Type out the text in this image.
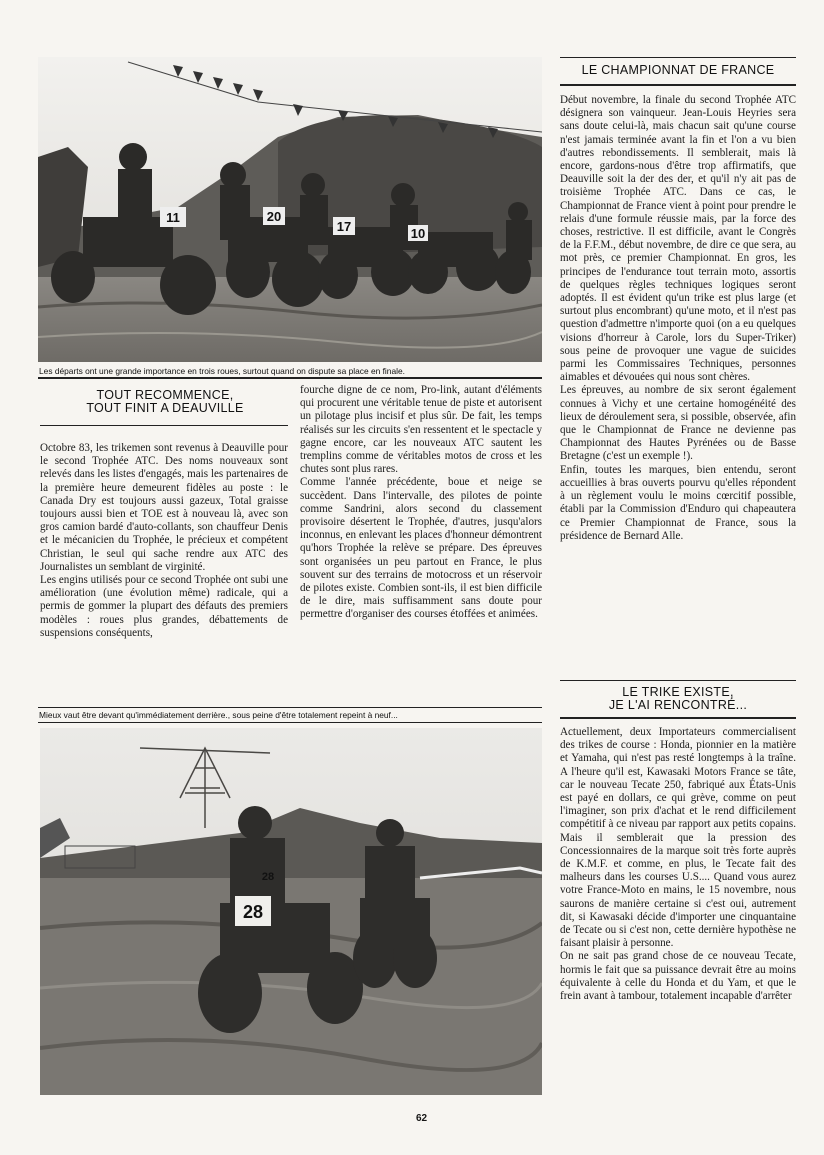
11	20
17	10
Les départs ont une grande importance en trois roues, surtout quand on dispute sa place en finale.
TOUT RECOMMENCE,
TOUT FINIT A DEAUVILLE

Octobre 83, les trikemen sont revenus à Deauville pour le second Trophée ATC. Des noms nouveaux sont relevés dans les listes d'engagés, mais les partenaires de la première heure demeurent fidèles au poste : le Canada Dry est toujours aussi gazeux, Total graisse toujours aussi bien et TOE est à nouveau là, avec son gros camion bardé d'auto-collants, son chauffeur Denis et le mécanicien du Trophée, le précieux et compétent Christian, le seul qui sache rendre aux ATC des Journalistes un semblant de virginité.

Les engins utilisés pour ce second Trophée ont subi une amélioration (une évolution même) radicale, qui a permis de gommer la plupart des défauts des premiers modèles : roues plus grandes, débattements de suspensions conséquents,

fourche digne de ce nom, Pro-link, autant d'éléments qui procurent une véritable tenue de piste et autorisent un pilotage plus incisif et plus sûr. De fait, les temps réalisés sur les circuits s'en ressentent et le spectacle y gagne encore, car les nouveaux ATC sautent les tremplins comme de véritables motos de cross et les chutes sont plus rares.

Comme l'année précédente, boue et neige se succèdent. Dans l'intervalle, des pilotes de pointe comme Sandrini, alors second du classement provisoire désertent le Trophée, d'autres, jusqu'alors inconnus, en enlevant les places d'honneur démontrent qu'hors Trophée la relève se prépare. Des épreuves sont organisées un peu partout en France, le plus souvent sur des terrains de motocross et un réservoir de pilotes existe. Combien sont-ils, il est bien difficile de le dire, mais suffisamment sans doute pour permettre d'organiser des courses étoffées et animées.

Mieux vaut être devant qu'immédiatement derrière., sous peine d'être totalement repeint à neuf...
28
28
LE CHAMPIONNAT DE FRANCE

Début novembre, la finale du second Trophée ATC désignera son vainqueur. Jean-Louis Heyries sera sans doute celui-là, mais chacun sait qu'une course n'est jamais terminée avant la fin et l'on a vu bien d'autres rebondissements. Il semblerait, mais là encore, gardons-nous d'être trop affirmatifs, que Deauville soit la der des der, et qu'il n'y ait pas de troisième Trophée ATC. Dans ce cas, le Championnat de France vient à point pour prendre le relais d'une formule réussie mais, par la force des choses, restrictive. Il est difficile, avant le Congrès de la F.F.M., début novembre, de dire ce que sera, au mot près, ce premier Championnat. En gros, les principes de l'endurance tout terrain moto, assortis de quelques règles techniques logiques seront adoptés. Il est évident qu'un trike est plus large (et surtout plus encombrant) qu'une moto, et il n'est pas question d'admettre n'importe quoi (on a eu quelques visions d'horreur à Carole, lors du Super-Triker) sous peine de provoquer une vague de suicides parmi les Commissaires Techniques, personnes aimables et dévouées qui nous sont chères.

Les épreuves, au nombre de six seront également connues à Vichy et une certaine homogénéité des lieux de déroulement sera, si possible, observée, afin que le Championnat de France ne devienne pas Championnat des Hautes Pyrénées ou de Basse Bretagne (c'est un exemple !).

Enfin, toutes les marques, bien entendu, seront accueillies à bras ouverts pourvu qu'elles répondent à un règlement voulu le moins cœrcitif possible, établi par la Commission d'Enduro qui chapeautera ce Premier Championnat de France, sous la présidence de Bernard Alle.

LE TRIKE EXISTE,
JE L'AI RENCONTRÉ...

Actuellement, deux Importateurs commercialisent des trikes de course : Honda, pionnier en la matière et Yamaha, qui n'est pas resté longtemps à la traîne. A l'heure qu'il est, Kawasaki Motors France se tâte, car le nouveau Tecate 250, fabriqué aux États-Unis est payé en dollars, ce qui grève, comme on peut l'imaginer, son prix d'achat et le rend difficilement compétitif à ce niveau par rapport aux petits copains. Mais il semblerait que la pression des Concessionnaires de la marque soit très forte auprès de K.M.F. et comme, en plus, le Tecate fait des malheurs dans les courses U.S.... Quand vous aurez votre France-Moto en mains, le 15 novembre, nous saurons de manière certaine si c'est oui, autrement dit, si Kawasaki décide d'importer une cinquantaine de Tecate ou si c'est non, cette dernière hypothèse ne faisant plaisir à personne.

On ne sait pas grand chose de ce nouveau Tecate, hormis le fait que sa puissance devrait être au moins équivalente à celle du Honda et du Yam, et que le frein avant à tambour, totalement incapable d'arrêter

62
